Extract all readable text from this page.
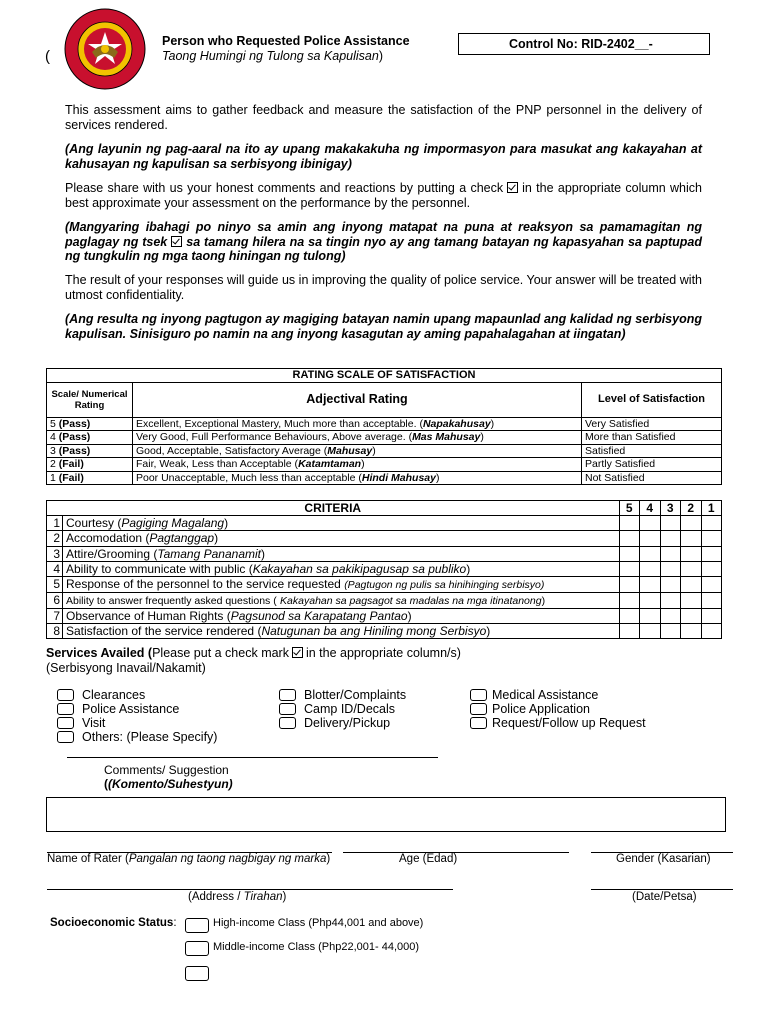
(
Person who Requested Police Assistance
Taong Humingi ng Tulong sa Kapulisan)
Control No: RID-2402__-
This assessment aims to gather feedback and measure the satisfaction of the PNP personnel in the delivery of services rendered.
(Ang layunin ng pag-aaral na ito ay upang makakakuha ng impormasyon para masukat ang kakayahan at kahusayan ng kapulisan sa serbisyong ibinigay)
Please share with us your honest comments and reactions by putting a check in the appropriate column which best approximate your assessment on the performance by the personnel.
(Mangyaring ibahagi po ninyo sa amin ang inyong matapat na puna at reaksyon sa pamamagitan ng paglagay ng tsek sa tamang hilera na sa tingin nyo ay ang tamang batayan ng kapasyahan sa paptupad ng tungkulin ng mga taong hiningan ng tulong)
The result of your responses will guide us in improving the quality of police service. Your answer will be treated with utmost confidentiality.
(Ang resulta ng inyong pagtugon ay magiging batayan namin upang mapaunlad ang kalidad ng serbisyong kapulisan. Sinisiguro po namin na ang inyong kasagutan ay aming papahalagahan at iingatan)
RATING SCALE OF SATISFACTION		
Scale/ Numerical Rating	Adjectival Rating	Level of Satisfaction
5 (Pass)	Excellent, Exceptional Mastery, Much more than acceptable. (Napakahusay)	Very Satisfied
4 (Pass)	Very Good, Full Performance Behaviours, Above average. (Mas Mahusay)	More than Satisfied
3 (Pass)	Good, Acceptable, Satisfactory Average (Mahusay)	Satisfied
2 (Fail)	Fair, Weak, Less than Acceptable (Katamtaman)	Partly Satisfied
1 (Fail)	Poor Unacceptable, Much less than acceptable (Hindi Mahusay)	Not Satisfied
CRITERIA		5	4	3	2	1
1	Courtesy (Pagiging Magalang)					
2	Accomodation (Pagtanggap)					
3	Attire/Grooming (Tamang Pananamit)					
4	Ability to communicate with public (Kakayahan sa pakikipagusap sa publiko)					
5	Response of the personnel to the service requested (Pagtugon ng pulis sa hinihinging serbisyo)					
6	Ability to answer frequently asked questions ( Kakayahan sa pagsagot sa madalas na mga itinatanong)					
7	Observance of Human Rights (Pagsunod sa Karapatang Pantao)					
8	Satisfaction of the service rendered (Natugunan ba ang Hiniling mong Serbisyo)					
Services Availed (Please put a check mark in the appropriate column/s)
(Serbisyong Inavail/Nakamit)
Clearances
Police Assistance
Visit
Others: (Please Specify)
Blotter/Complaints
Camp ID/Decals
Delivery/Pickup
Medical Assistance
Police Application
Request/Follow up Request
Comments/ Suggestion
((Komento/Suhestyun)
Name of Rater (Pangalan ng taong nagbigay ng marka)	Age (Edad)	Gender (Kasarian)
(Address / Tirahan)	(Date/Petsa)
Socioeconomic Status:	High-income Class (Php44,001 and above)
Middle-income Class (Php22,001- 44,000)
